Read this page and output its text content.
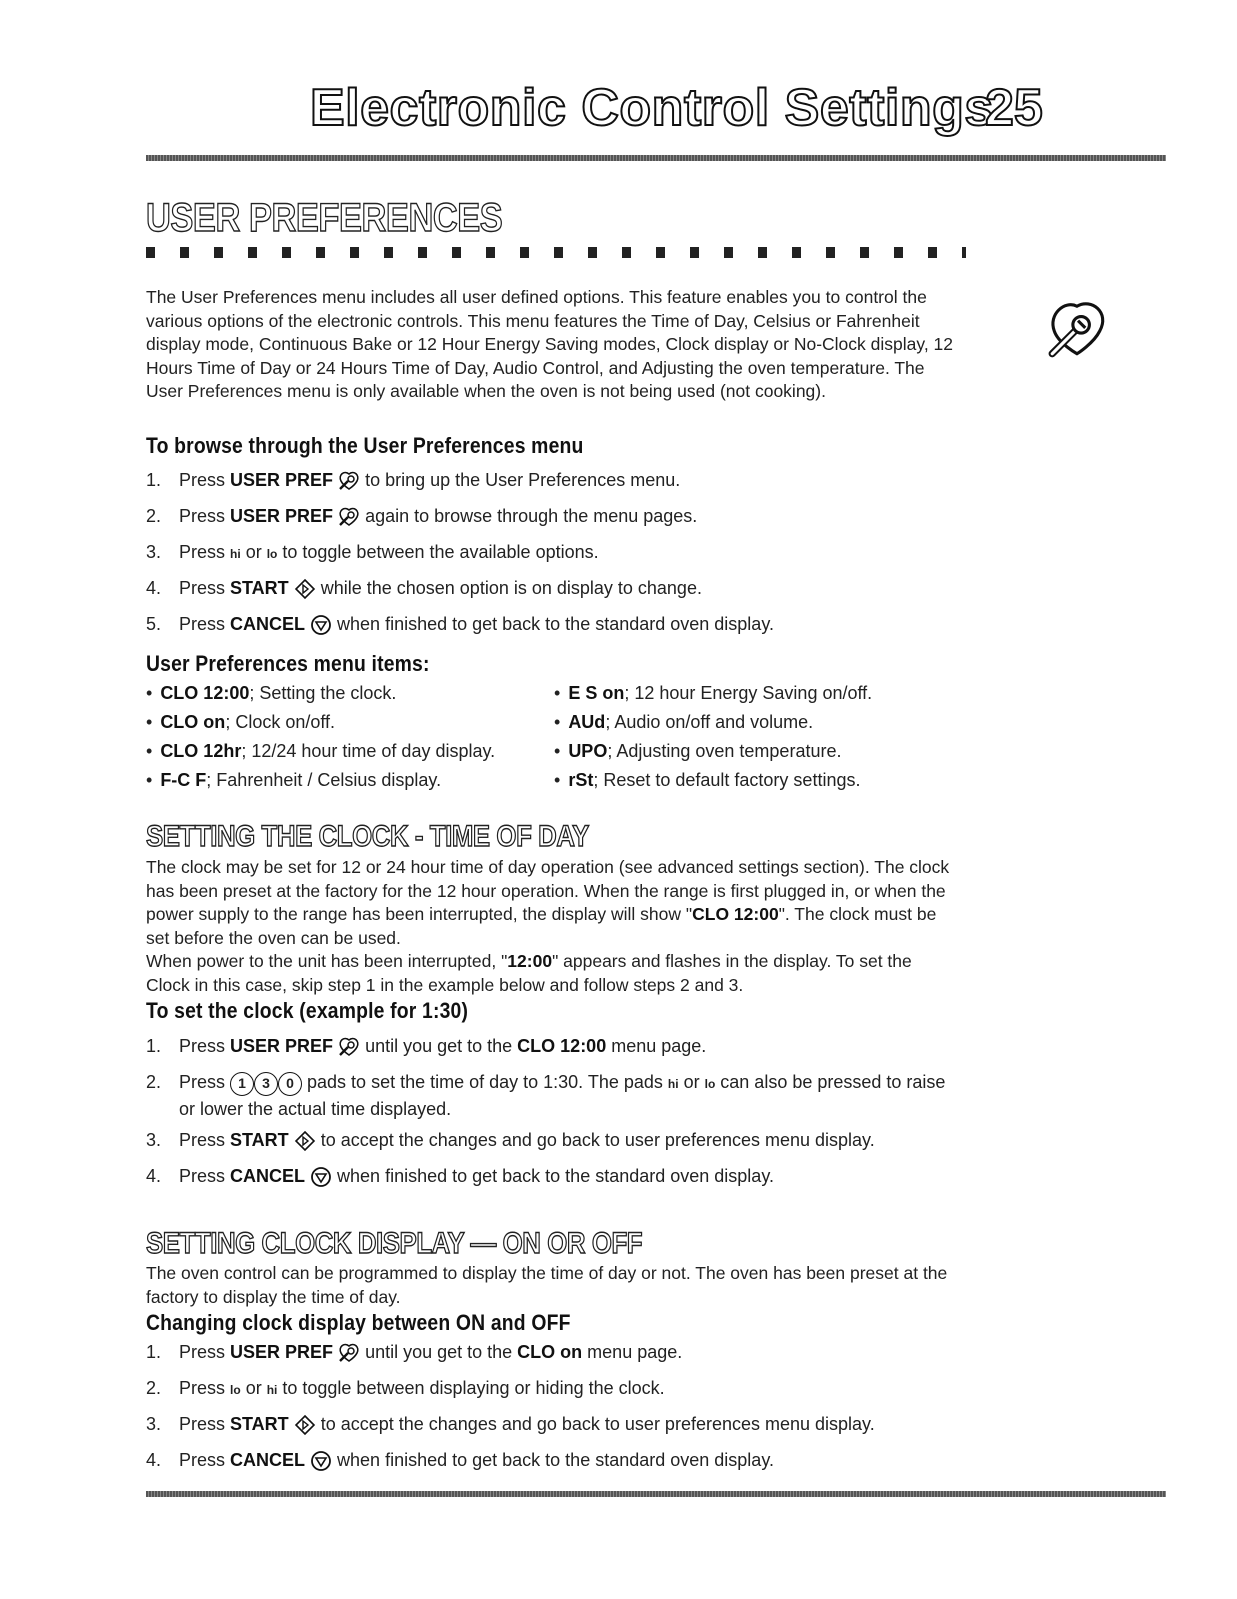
Electronic Control Settings
25
USER PREFERENCES

The User Preferences menu includes all user defined options. This feature enables you to control the various options of the electronic controls. This menu features the Time of Day, Celsius or Fahrenheit display mode, Continuous Bake or 12 Hour Energy Saving modes, Clock display or No-Clock display, 12 Hours Time of Day or 24 Hours Time of Day, Audio Control, and Adjusting the oven temperature. The User Preferences menu is only available when the oven is not being used (not cooking).

To browse through the User Preferences menu
1. Press USER PREF  to bring up the User Preferences menu.
2. Press USER PREF  again to browse through the menu pages.
3. Press hi or lo to toggle between the available options.
4. Press START  while the chosen option is on display to change.
5. Press CANCEL  when finished to get back to the standard oven display.
User Preferences menu items:
• CLO 12:00; Setting the clock.
• CLO on; Clock on/off.
• CLO 12hr; 12/24 hour time of day display.
• F-C F; Fahrenheit / Celsius display.
• E S on; 12 hour Energy Saving on/off.
• AUd; Audio on/off and volume.
• UPO; Adjusting oven temperature.
• rSt; Reset to default factory settings.
SETTING THE CLOCK - TIME OF DAY

The clock may be set for 12 or 24 hour time of day operation (see advanced settings section). The clock has been preset at the factory for the 12 hour operation. When the range is first plugged in, or when the power supply to the range has been interrupted, the display will show "CLO 12:00". The clock must be set before the oven can be used.

When power to the unit has been interrupted, "12:00" appears and flashes in the display. To set the Clock in this case, skip step 1 in the example below and follow steps 2 and 3.

To set the clock (example for 1:30)
1. Press USER PREF  until you get to the CLO 12:00 menu page.
2. Press 1 3 0 pads to set the time of day to 1:30. The pads hi or lo can also be pressed to raise or lower the actual time displayed.
3. Press START  to accept the changes and go back to user preferences menu display.
4. Press CANCEL  when finished to get back to the standard oven display.
SETTING CLOCK DISPLAY — ON OR OFF

The oven control can be programmed to display the time of day or not. The oven has been preset at the factory to display the time of day.

Changing clock display between ON and OFF
1. Press USER PREF  until you get to the CLO on menu page.
2. Press lo or hi to toggle between displaying or hiding the clock.
3. Press START  to accept the changes and go back to user preferences menu display.
4. Press CANCEL  when finished to get back to the standard oven display.
